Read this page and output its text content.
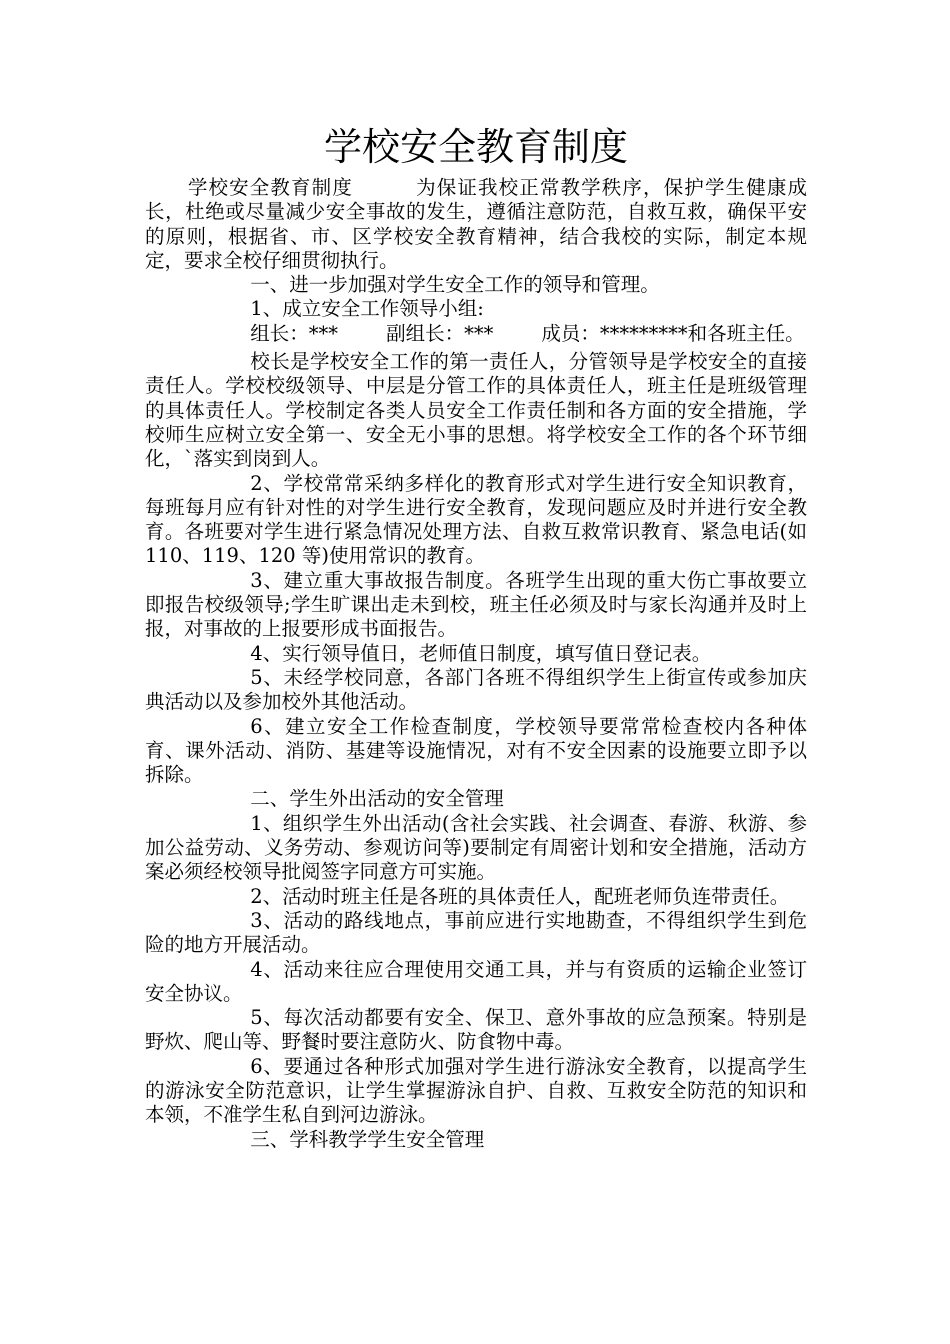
学校安全教育制度

学校安全教育制度	为保证我校正常教学秩序，保护学生健康成长，杜绝或尽量减少安全事故的发生，遵循注意防范，自救互救，确保平安的原则，根据省、市、区学校安全教育精神，结合我校的实际，制定本规定，要求全校仔细贯彻执行。

一、进一步加强对学生安全工作的领导和管理。

1、成立安全工作领导小组:

组长：*** 副组长：*** 成员：*********和各班主任。

校长是学校安全工作的第一责任人，分管领导是学校安全的直接责任人。学校校级领导、中层是分管工作的具体责任人，班主任是班级管理的具体责任人。学校制定各类人员安全工作责任制和各方面的安全措施，学校师生应树立安全第一、安全无小事的思想。将学校安全工作的各个环节细化，`落实到岗到人。

2、学校常常采纳多样化的教育形式对学生进行安全知识教育，每班每月应有针对性的对学生进行安全教育，发现问题应及时并进行安全教育。各班要对学生进行紧急情况处理方法、自救互救常识教育、紧急电话(如 110、119、120 等)使用常识的教育。

3、建立重大事故报告制度。各班学生出现的重大伤亡事故要立即报告校级领导;学生旷课出走未到校，班主任必须及时与家长沟通并及时上报，对事故的上报要形成书面报告。

4、实行领导值日，老师值日制度，填写值日登记表。

5、未经学校同意，各部门各班不得组织学生上街宣传或参加庆典活动以及参加校外其他活动。

6、建立安全工作检查制度，学校领导要常常检查校内各种体育、课外活动、消防、基建等设施情况，对有不安全因素的设施要立即予以拆除。

二、学生外出活动的安全管理

1、组织学生外出活动(含社会实践、社会调查、春游、秋游、参加公益劳动、义务劳动、参观访问等)要制定有周密计划和安全措施，活动方案必须经校领导批阅签字同意方可实施。

2、活动时班主任是各班的具体责任人，配班老师负连带责任。

3、活动的路线地点，事前应进行实地勘查，不得组织学生到危险的地方开展活动。

4、活动来往应合理使用交通工具，并与有资质的运输企业签订安全协议。

5、每次活动都要有安全、保卫、意外事故的应急预案。特别是野炊、爬山等、野餐时要注意防火、防食物中毒。

6、要通过各种形式加强对学生进行游泳安全教育，以提高学生的游泳安全防范意识，让学生掌握游泳自护、自救、互救安全防范的知识和本领，不准学生私自到河边游泳。

三、学科教学学生安全管理
